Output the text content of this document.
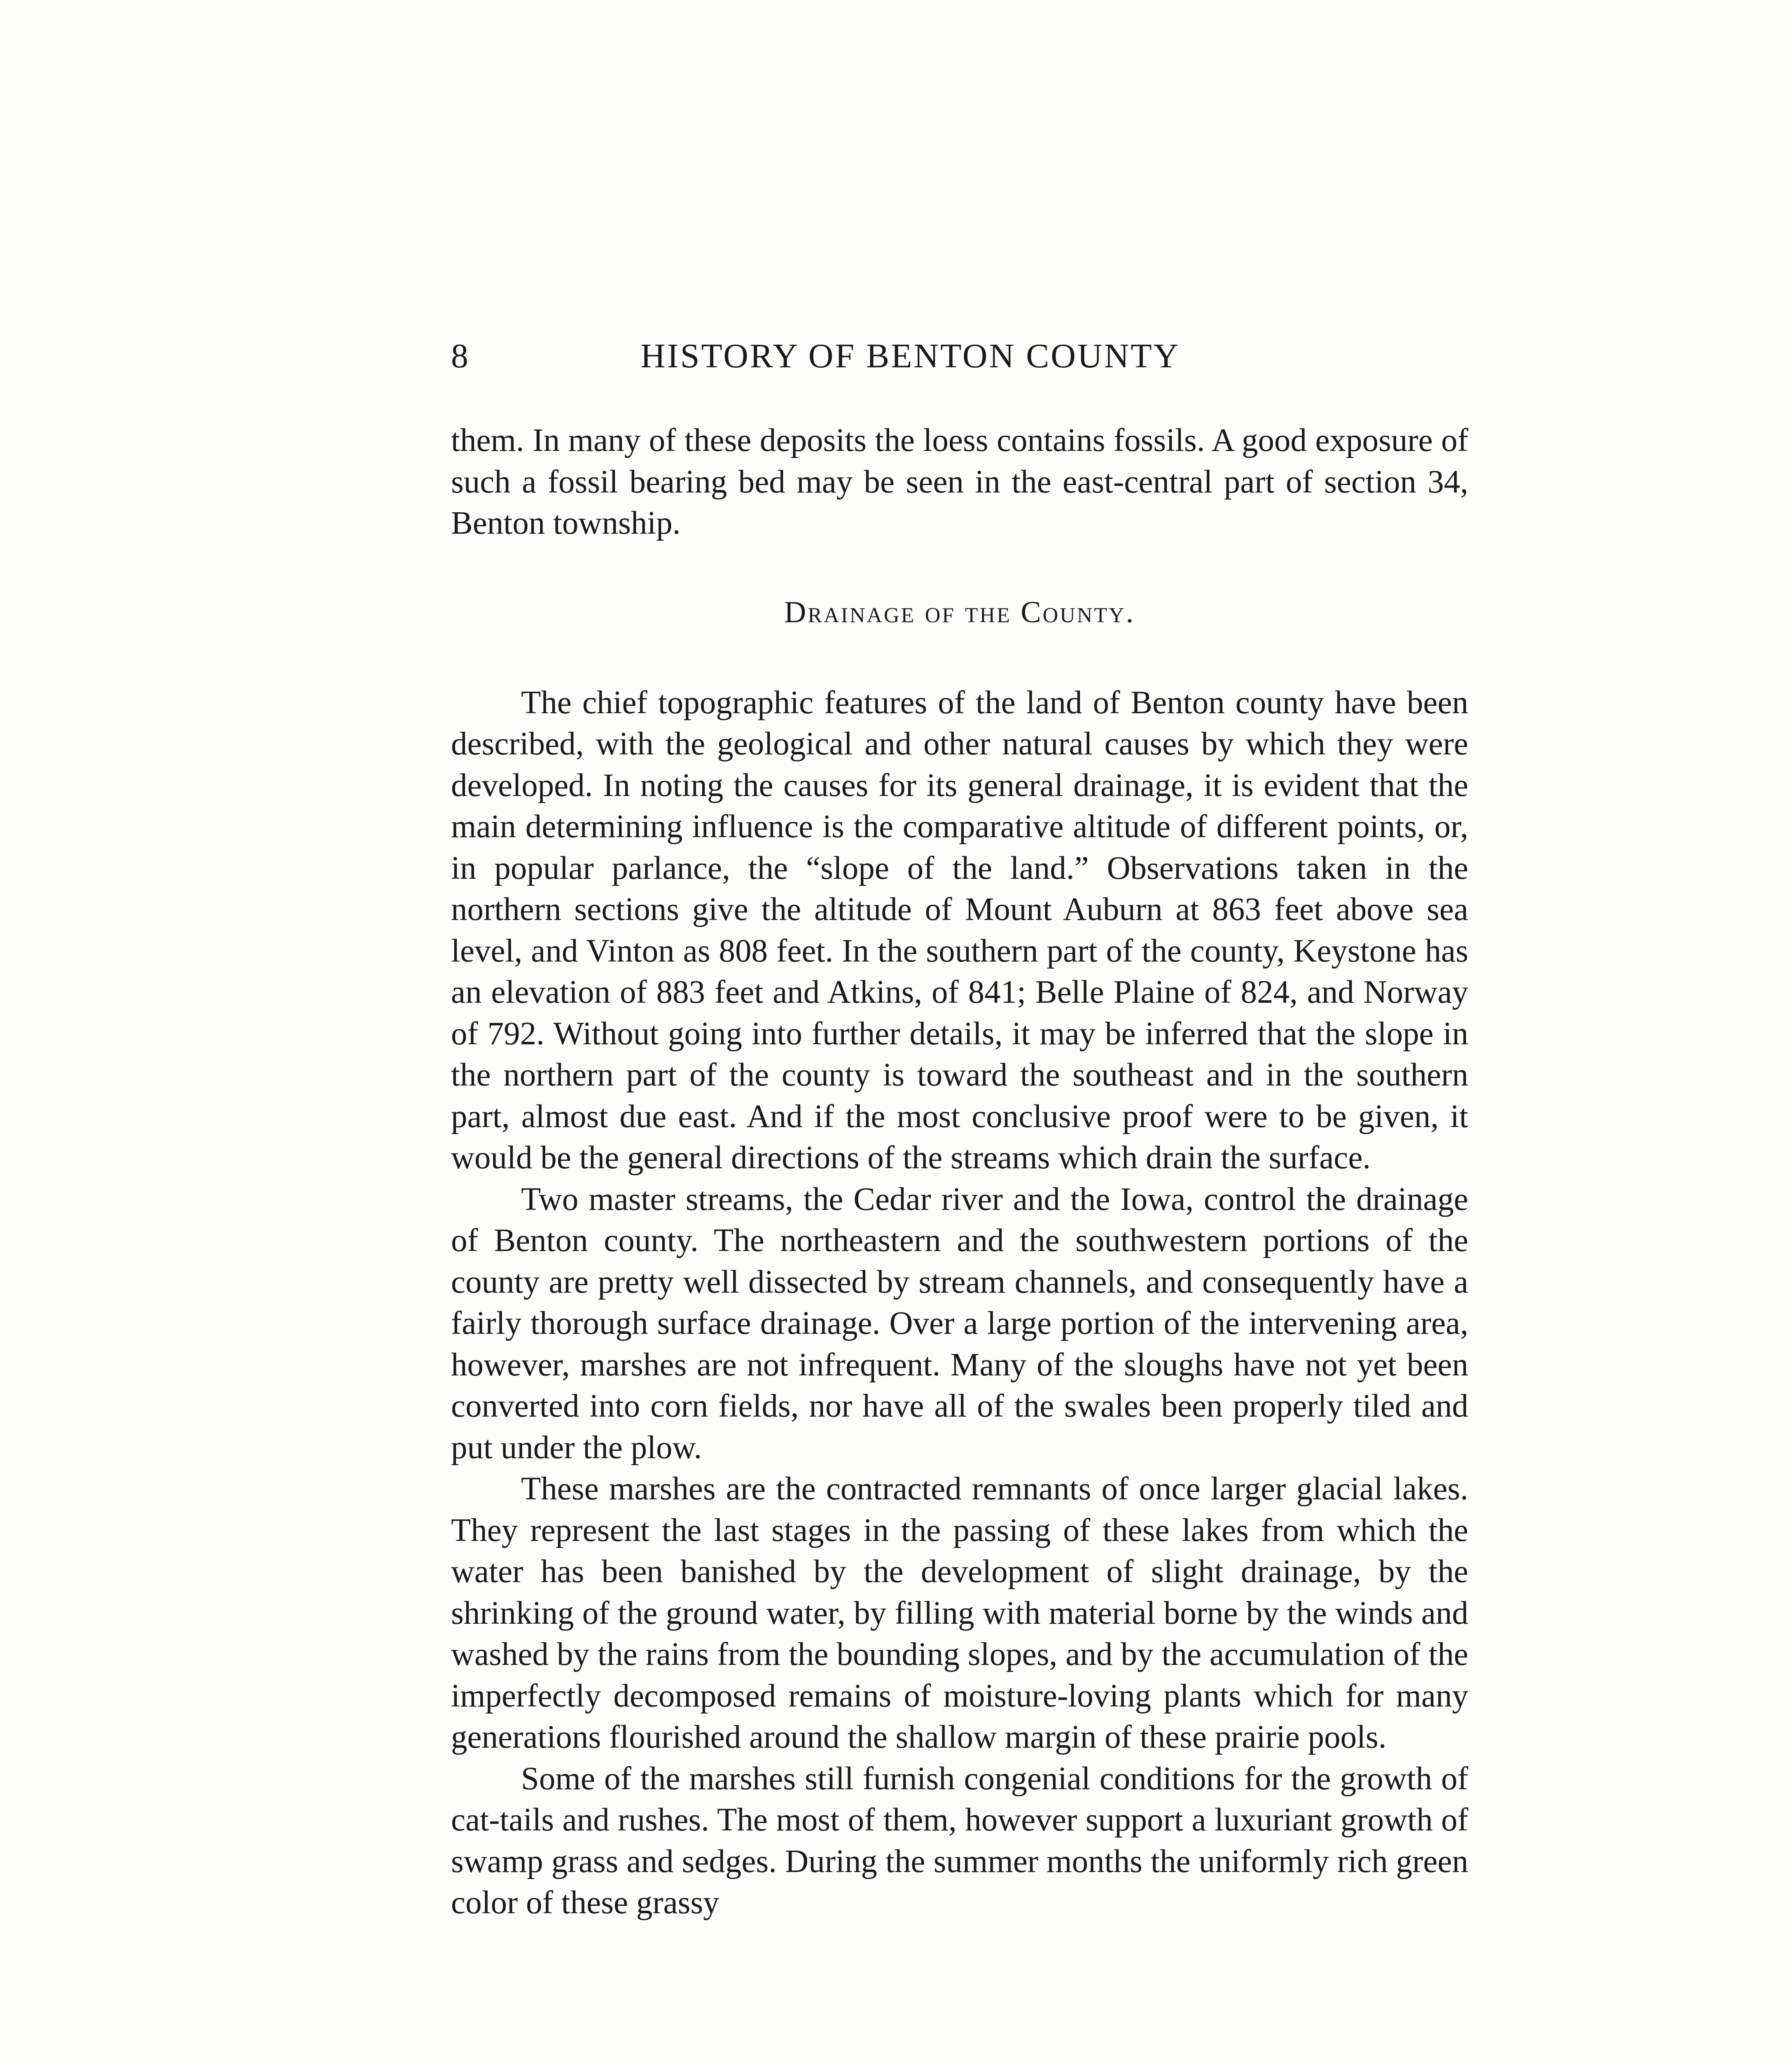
8	HISTORY OF BENTON COUNTY

them. In many of these deposits the loess contains fossils. A good exposure of such a fossil bearing bed may be seen in the east-central part of section 34, Benton township.

Drainage of the County.

The chief topographic features of the land of Benton county have been described, with the geological and other natural causes by which they were developed. In noting the causes for its general drainage, it is evident that the main determining influence is the comparative altitude of different points, or, in popular parlance, the “slope of the land.” Observations taken in the northern sections give the altitude of Mount Auburn at 863 feet above sea level, and Vinton as 808 feet. In the southern part of the county, Keystone has an elevation of 883 feet and Atkins, of 841; Belle Plaine of 824, and Norway of 792. Without going into further details, it may be inferred that the slope in the northern part of the county is toward the southeast and in the southern part, almost due east. And if the most conclusive proof were to be given, it would be the general directions of the streams which drain the surface.

Two master streams, the Cedar river and the Iowa, control the drainage of Benton county. The northeastern and the southwestern portions of the county are pretty well dissected by stream channels, and consequently have a fairly thorough surface drainage. Over a large portion of the intervening area, however, marshes are not infrequent. Many of the sloughs have not yet been converted into corn fields, nor have all of the swales been properly tiled and put under the plow.

These marshes are the contracted remnants of once larger glacial lakes. They represent the last stages in the passing of these lakes from which the water has been banished by the development of slight drainage, by the shrinking of the ground water, by filling with material borne by the winds and washed by the rains from the bounding slopes, and by the accumulation of the imperfectly decomposed remains of moisture-loving plants which for many generations flourished around the shallow margin of these prairie pools.

Some of the marshes still furnish congenial conditions for the growth of cat-tails and rushes. The most of them, however support a luxuriant growth of swamp grass and sedges. During the summer months the uniformly rich green color of these grassy
